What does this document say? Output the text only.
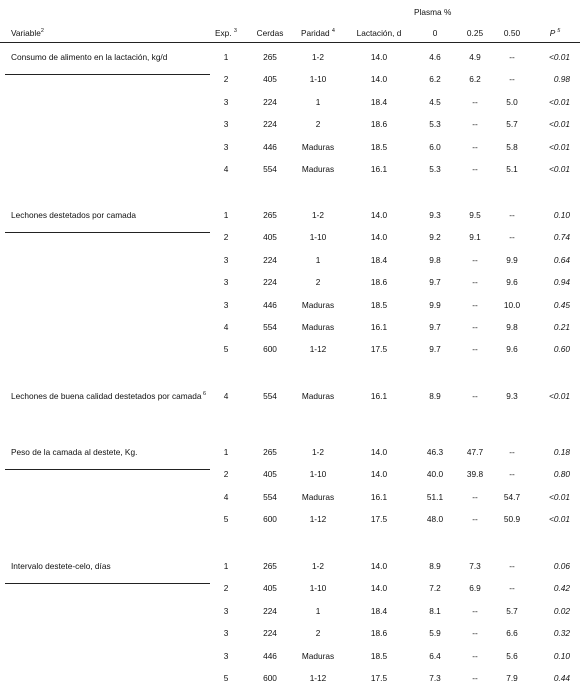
Plasma %
Variable$^2$	Exp. $^3$	Cerdas	Paridad $^4$	Lactación, d	0	0.25	0.50	P $^5$
Consumo de alimento en la lactación, kg/d	1	265	1-2	14.0	4.6	4.9	--	<0.01
2	405	1-10	14.0	6.2	6.2	--	0.98
3	224	1	18.4	4.5	--	5.0	<0.01
3	224	2	18.6	5.3	--	5.7	<0.01
3	446	Maduras	18.5	6.0	--	5.8	<0.01
4	554	Maduras	16.1	5.3	--	5.1	<0.01
Lechones destetados por camada	1	265	1-2	14.0	9.3	9.5	--	0.10
2	405	1-10	14.0	9.2	9.1	--	0.74
3	224	1	18.4	9.8	--	9.9	0.64
3	224	2	18.6	9.7	--	9.6	0.94
3	446	Maduras	18.5	9.9	--	10.0	0.45
4	554	Maduras	16.1	9.7	--	9.8	0.21
5	600	1-12	17.5	9.7	--	9.6	0.60
Lechones de buena calidad destetados por camada $^6$	4	554	Maduras	16.1	8.9	--	9.3	<0.01
Peso de la camada al destete, Kg.	1	265	1-2	14.0	46.3	47.7	--	0.18
2	405	1-10	14.0	40.0	39.8	--	0.80
4	554	Maduras	16.1	51.1	--	54.7	<0.01
5	600	1-12	17.5	48.0	--	50.9	<0.01
Intervalo destete-celo, días	1	265	1-2	14.0	8.9	7.3	--	0.06
2	405	1-10	14.0	7.2	6.9	--	0.42
3	224	1	18.4	8.1	--	5.7	0.02
3	224	2	18.6	5.9	--	6.6	0.32
3	446	Maduras	18.5	6.4	--	5.6	0.10
5	600	1-12	17.5	7.3	--	7.9	0.44
